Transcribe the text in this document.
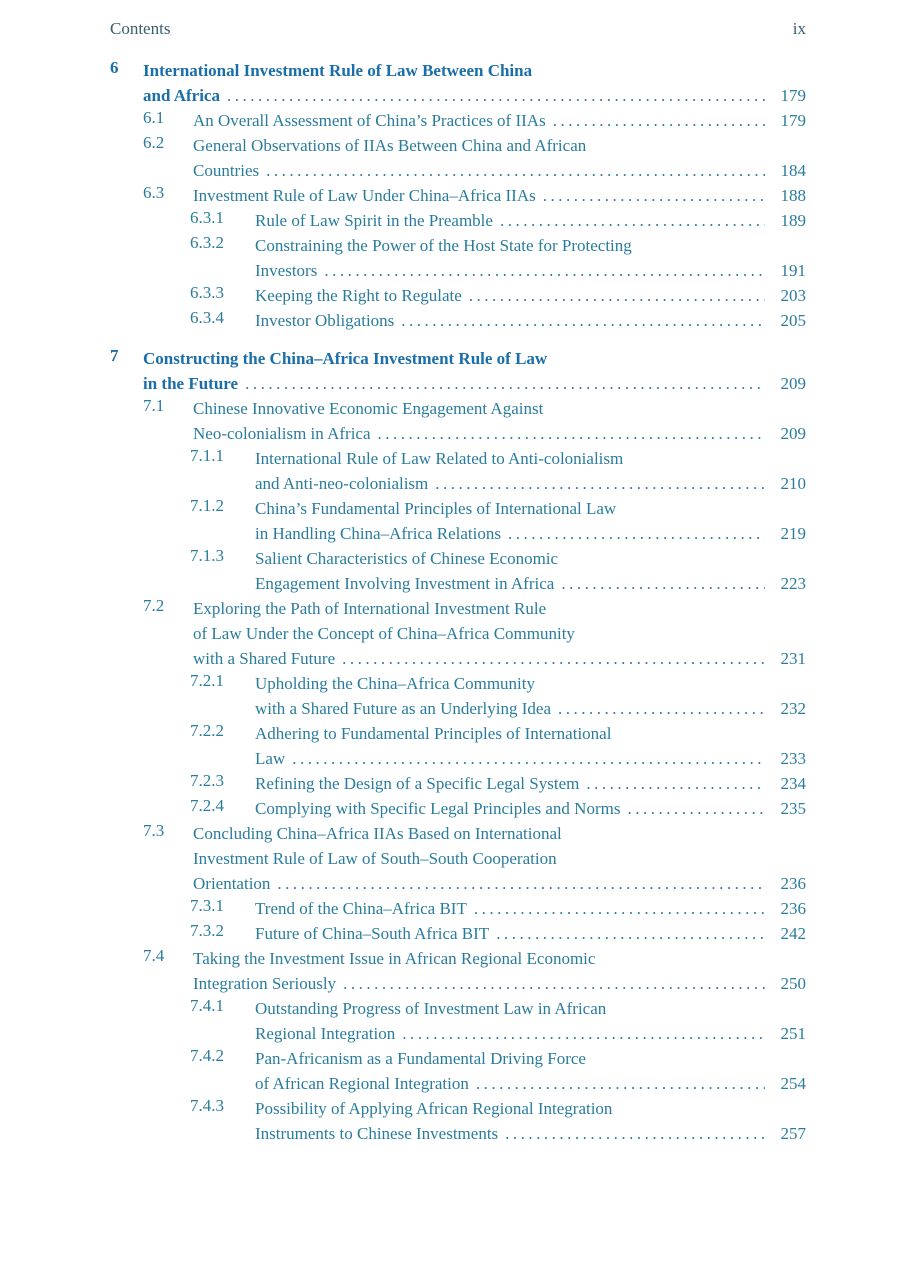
Contents	ix
6	International Investment Rule of Law Between China
and Africa .....	179
6.1	An Overall Assessment of China’s Practices of IIAs .....	179
6.2	General Observations of IIAs Between China and African
Countries .....	184
6.3	Investment Rule of Law Under China–Africa IIAs .....	188
6.3.1	Rule of Law Spirit in the Preamble .....	189
6.3.2	Constraining the Power of the Host State for Protecting
Investors .....	191
6.3.3	Keeping the Right to Regulate .....	203
6.3.4	Investor Obligations .....	205
7	Constructing the China–Africa Investment Rule of Law
in the Future .....	209
7.1	Chinese Innovative Economic Engagement Against
Neo-colonialism in Africa .....	209
7.1.1	International Rule of Law Related to Anti-colonialism
and Anti-neo-colonialism .....	210
7.1.2	China’s Fundamental Principles of International Law
in Handling China–Africa Relations .....	219
7.1.3	Salient Characteristics of Chinese Economic
Engagement Involving Investment in Africa .....	223
7.2	Exploring the Path of International Investment Rule
of Law Under the Concept of China–Africa Community
with a Shared Future .....	231
7.2.1	Upholding the China–Africa Community
with a Shared Future as an Underlying Idea .....	232
7.2.2	Adhering to Fundamental Principles of International
Law .....	233
7.2.3	Refining the Design of a Specific Legal System .....	234
7.2.4	Complying with Specific Legal Principles and Norms .....	235
7.3	Concluding China–Africa IIAs Based on International
Investment Rule of Law of South–South Cooperation
Orientation .....	236
7.3.1	Trend of the China–Africa BIT .....	236
7.3.2	Future of China–South Africa BIT .....	242
7.4	Taking the Investment Issue in African Regional Economic
Integration Seriously .....	250
7.4.1	Outstanding Progress of Investment Law in African
Regional Integration .....	251
7.4.2	Pan-Africanism as a Fundamental Driving Force
of African Regional Integration .....	254
7.4.3	Possibility of Applying African Regional Integration
Instruments to Chinese Investments .....	257
